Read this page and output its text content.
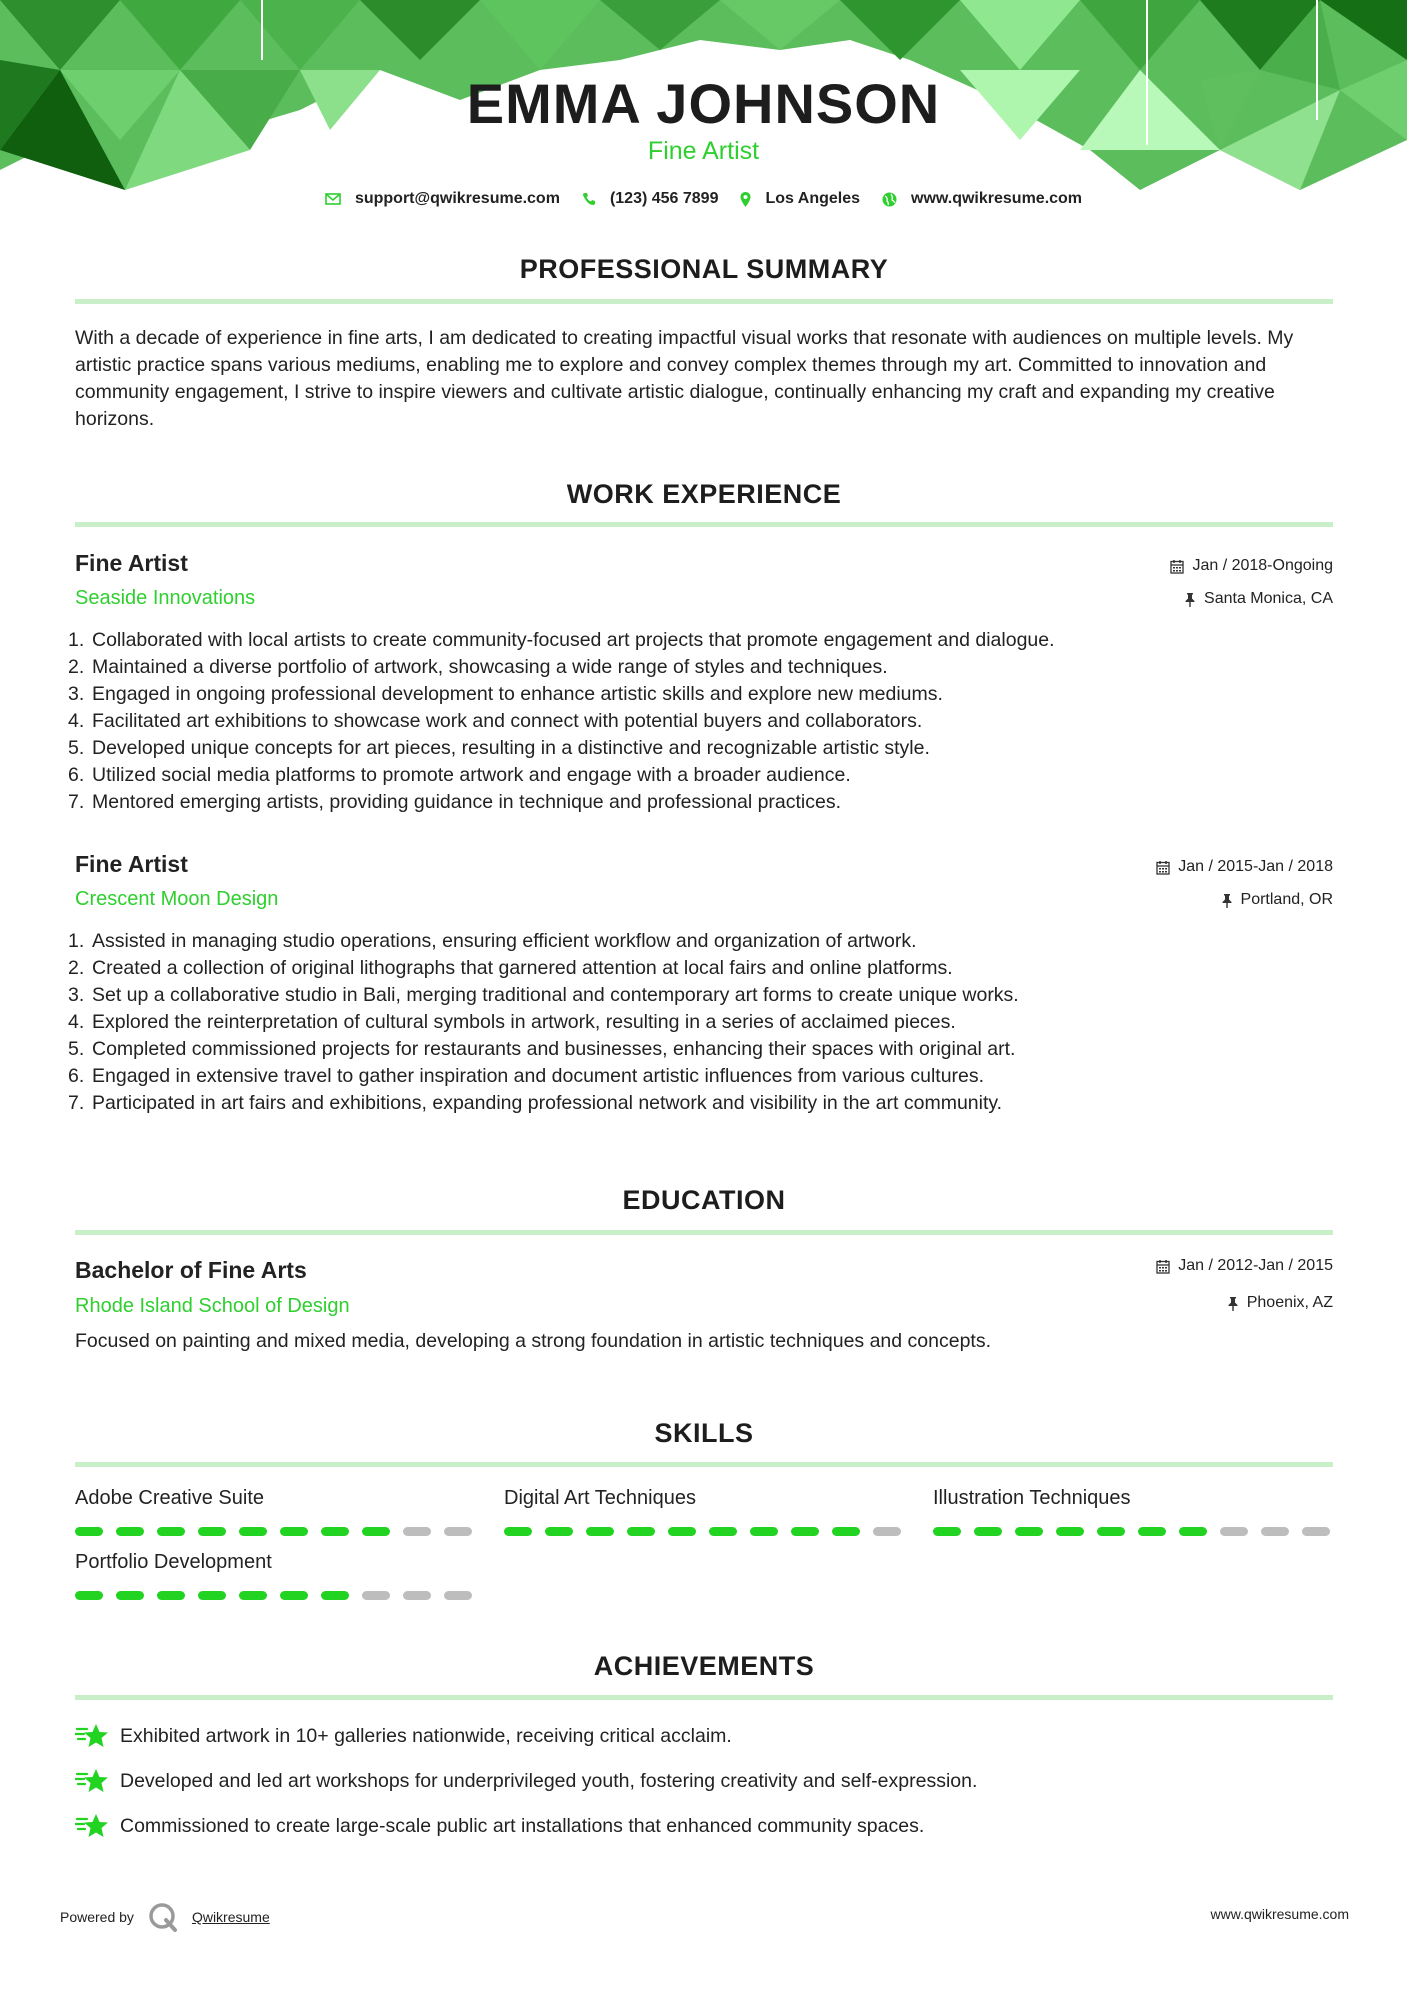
EMMA JOHNSON
Fine Artist
support@qwikresume.com	(123) 456 7899	Los Angeles	www.qwikresume.com
PROFESSIONAL SUMMARY
With a decade of experience in fine arts, I am dedicated to creating impactful visual works that resonate with audiences on multiple levels. My artistic practice spans various mediums, enabling me to explore and convey complex themes through my art. Committed to innovation and community engagement, I strive to inspire viewers and cultivate artistic dialogue, continually enhancing my craft and expanding my creative horizons.
WORK EXPERIENCE
Fine Artist
Seaside Innovations
Jan / 2018-Ongoing
Santa Monica, CA
1. Collaborated with local artists to create community-focused art projects that promote engagement and dialogue.
2. Maintained a diverse portfolio of artwork, showcasing a wide range of styles and techniques.
3. Engaged in ongoing professional development to enhance artistic skills and explore new mediums.
4. Facilitated art exhibitions to showcase work and connect with potential buyers and collaborators.
5. Developed unique concepts for art pieces, resulting in a distinctive and recognizable artistic style.
6. Utilized social media platforms to promote artwork and engage with a broader audience.
7. Mentored emerging artists, providing guidance in technique and professional practices.
Fine Artist
Crescent Moon Design
Jan / 2015-Jan / 2018
Portland, OR
1. Assisted in managing studio operations, ensuring efficient workflow and organization of artwork.
2. Created a collection of original lithographs that garnered attention at local fairs and online platforms.
3. Set up a collaborative studio in Bali, merging traditional and contemporary art forms to create unique works.
4. Explored the reinterpretation of cultural symbols in artwork, resulting in a series of acclaimed pieces.
5. Completed commissioned projects for restaurants and businesses, enhancing their spaces with original art.
6. Engaged in extensive travel to gather inspiration and document artistic influences from various cultures.
7. Participated in art fairs and exhibitions, expanding professional network and visibility in the art community.
EDUCATION
Bachelor of Fine Arts
Rhode Island School of Design
Jan / 2012-Jan / 2015
Phoenix, AZ
Focused on painting and mixed media, developing a strong foundation in artistic techniques and concepts.
SKILLS
Adobe Creative Suite	Digital Art Techniques	Illustration Techniques
Portfolio Development
ACHIEVEMENTS
Exhibited artwork in 10+ galleries nationwide, receiving critical acclaim.
Developed and led art workshops for underprivileged youth, fostering creativity and self-expression.
Commissioned to create large-scale public art installations that enhanced community spaces.
Powered by	Qwikresume	www.qwikresume.com
